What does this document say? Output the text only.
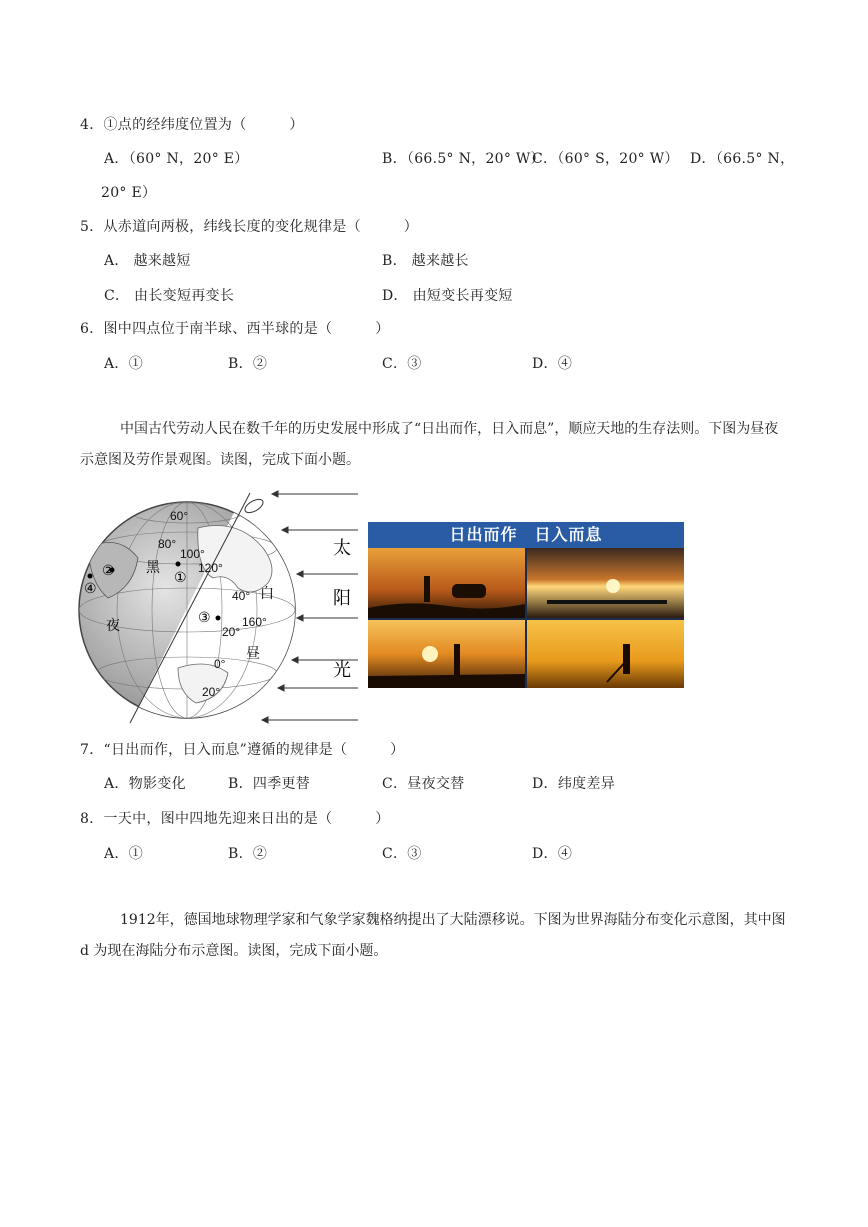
4．①点的经纬度位置为（　　　）
A．（60° N，20° E）	B．（66.5° N，20° W）
C．（60° S，20° W） D．（66.5° N，
20° E）
5．从赤道向两极，纬线长度的变化规律是（　　　）
A． 越来越短	B． 越来越长
C． 由长变短再变长	D． 由短变长再变短
6．图中四点位于南半球、西半球的是（　　　）
A．①	B．②	C．③	D．④
中国古代劳动人民在数千年的历史发展中形成了“日出而作，日入而息”，顺应天地的生存法则。下图为昼夜示意图及劳作景观图。读图，完成下面小题。
60°
80°
100°
120°
40°
160°
20°
0°
20°
①
②
④
③
黑
夜
白
昼
太
阳
光
日出而作　日入而息
7．“日出而作，日入而息”遵循的规律是（　　　）
A．物影变化	B．四季更替	C．昼夜交替	D．纬度差异
8．一天中，图中四地先迎来日出的是（　　　）
A．①	B．②	C．③	D．④
1912年，德国地球物理学家和气象学家魏格纳提出了大陆漂移说。下图为世界海陆分布变化示意图，其中图 d 为现在海陆分布示意图。读图，完成下面小题。
